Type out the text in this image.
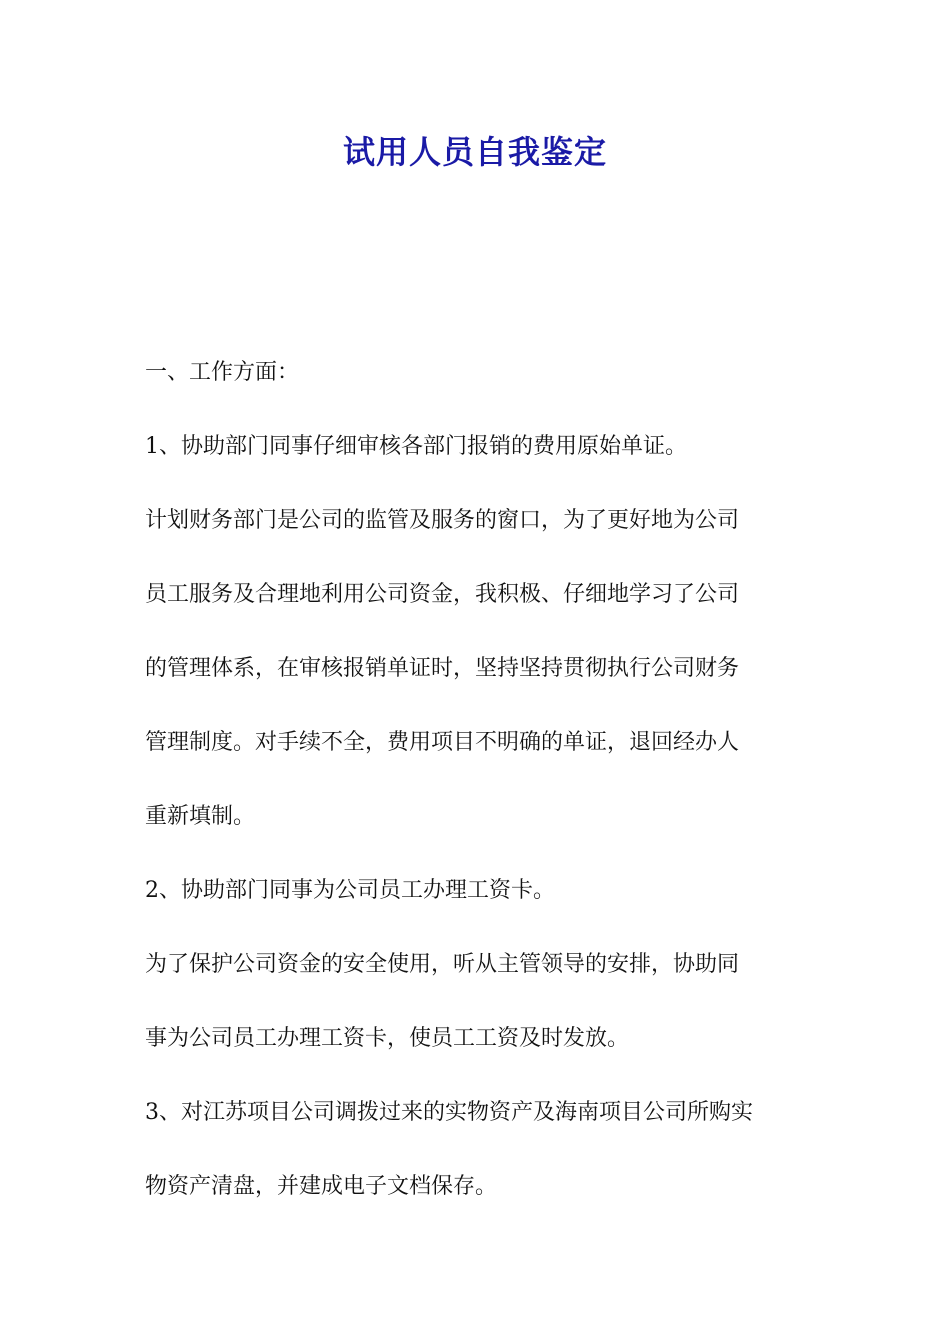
试用人员自我鉴定

一、工作方面：

1、协助部门同事仔细审核各部门报销的费用原始单证。

计划财务部门是公司的监管及服务的窗口，为了更好地为公司

员工服务及合理地利用公司资金，我积极、仔细地学习了公司

的管理体系，在审核报销单证时，坚持坚持贯彻执行公司财务

管理制度。对手续不全，费用项目不明确的单证，退回经办人

重新填制。

2、协助部门同事为公司员工办理工资卡。

为了保护公司资金的安全使用，听从主管领导的安排，协助同

事为公司员工办理工资卡，使员工工资及时发放。

3、对江苏项目公司调拨过来的实物资产及海南项目公司所购实

物资产清盘，并建成电子文档保存。
